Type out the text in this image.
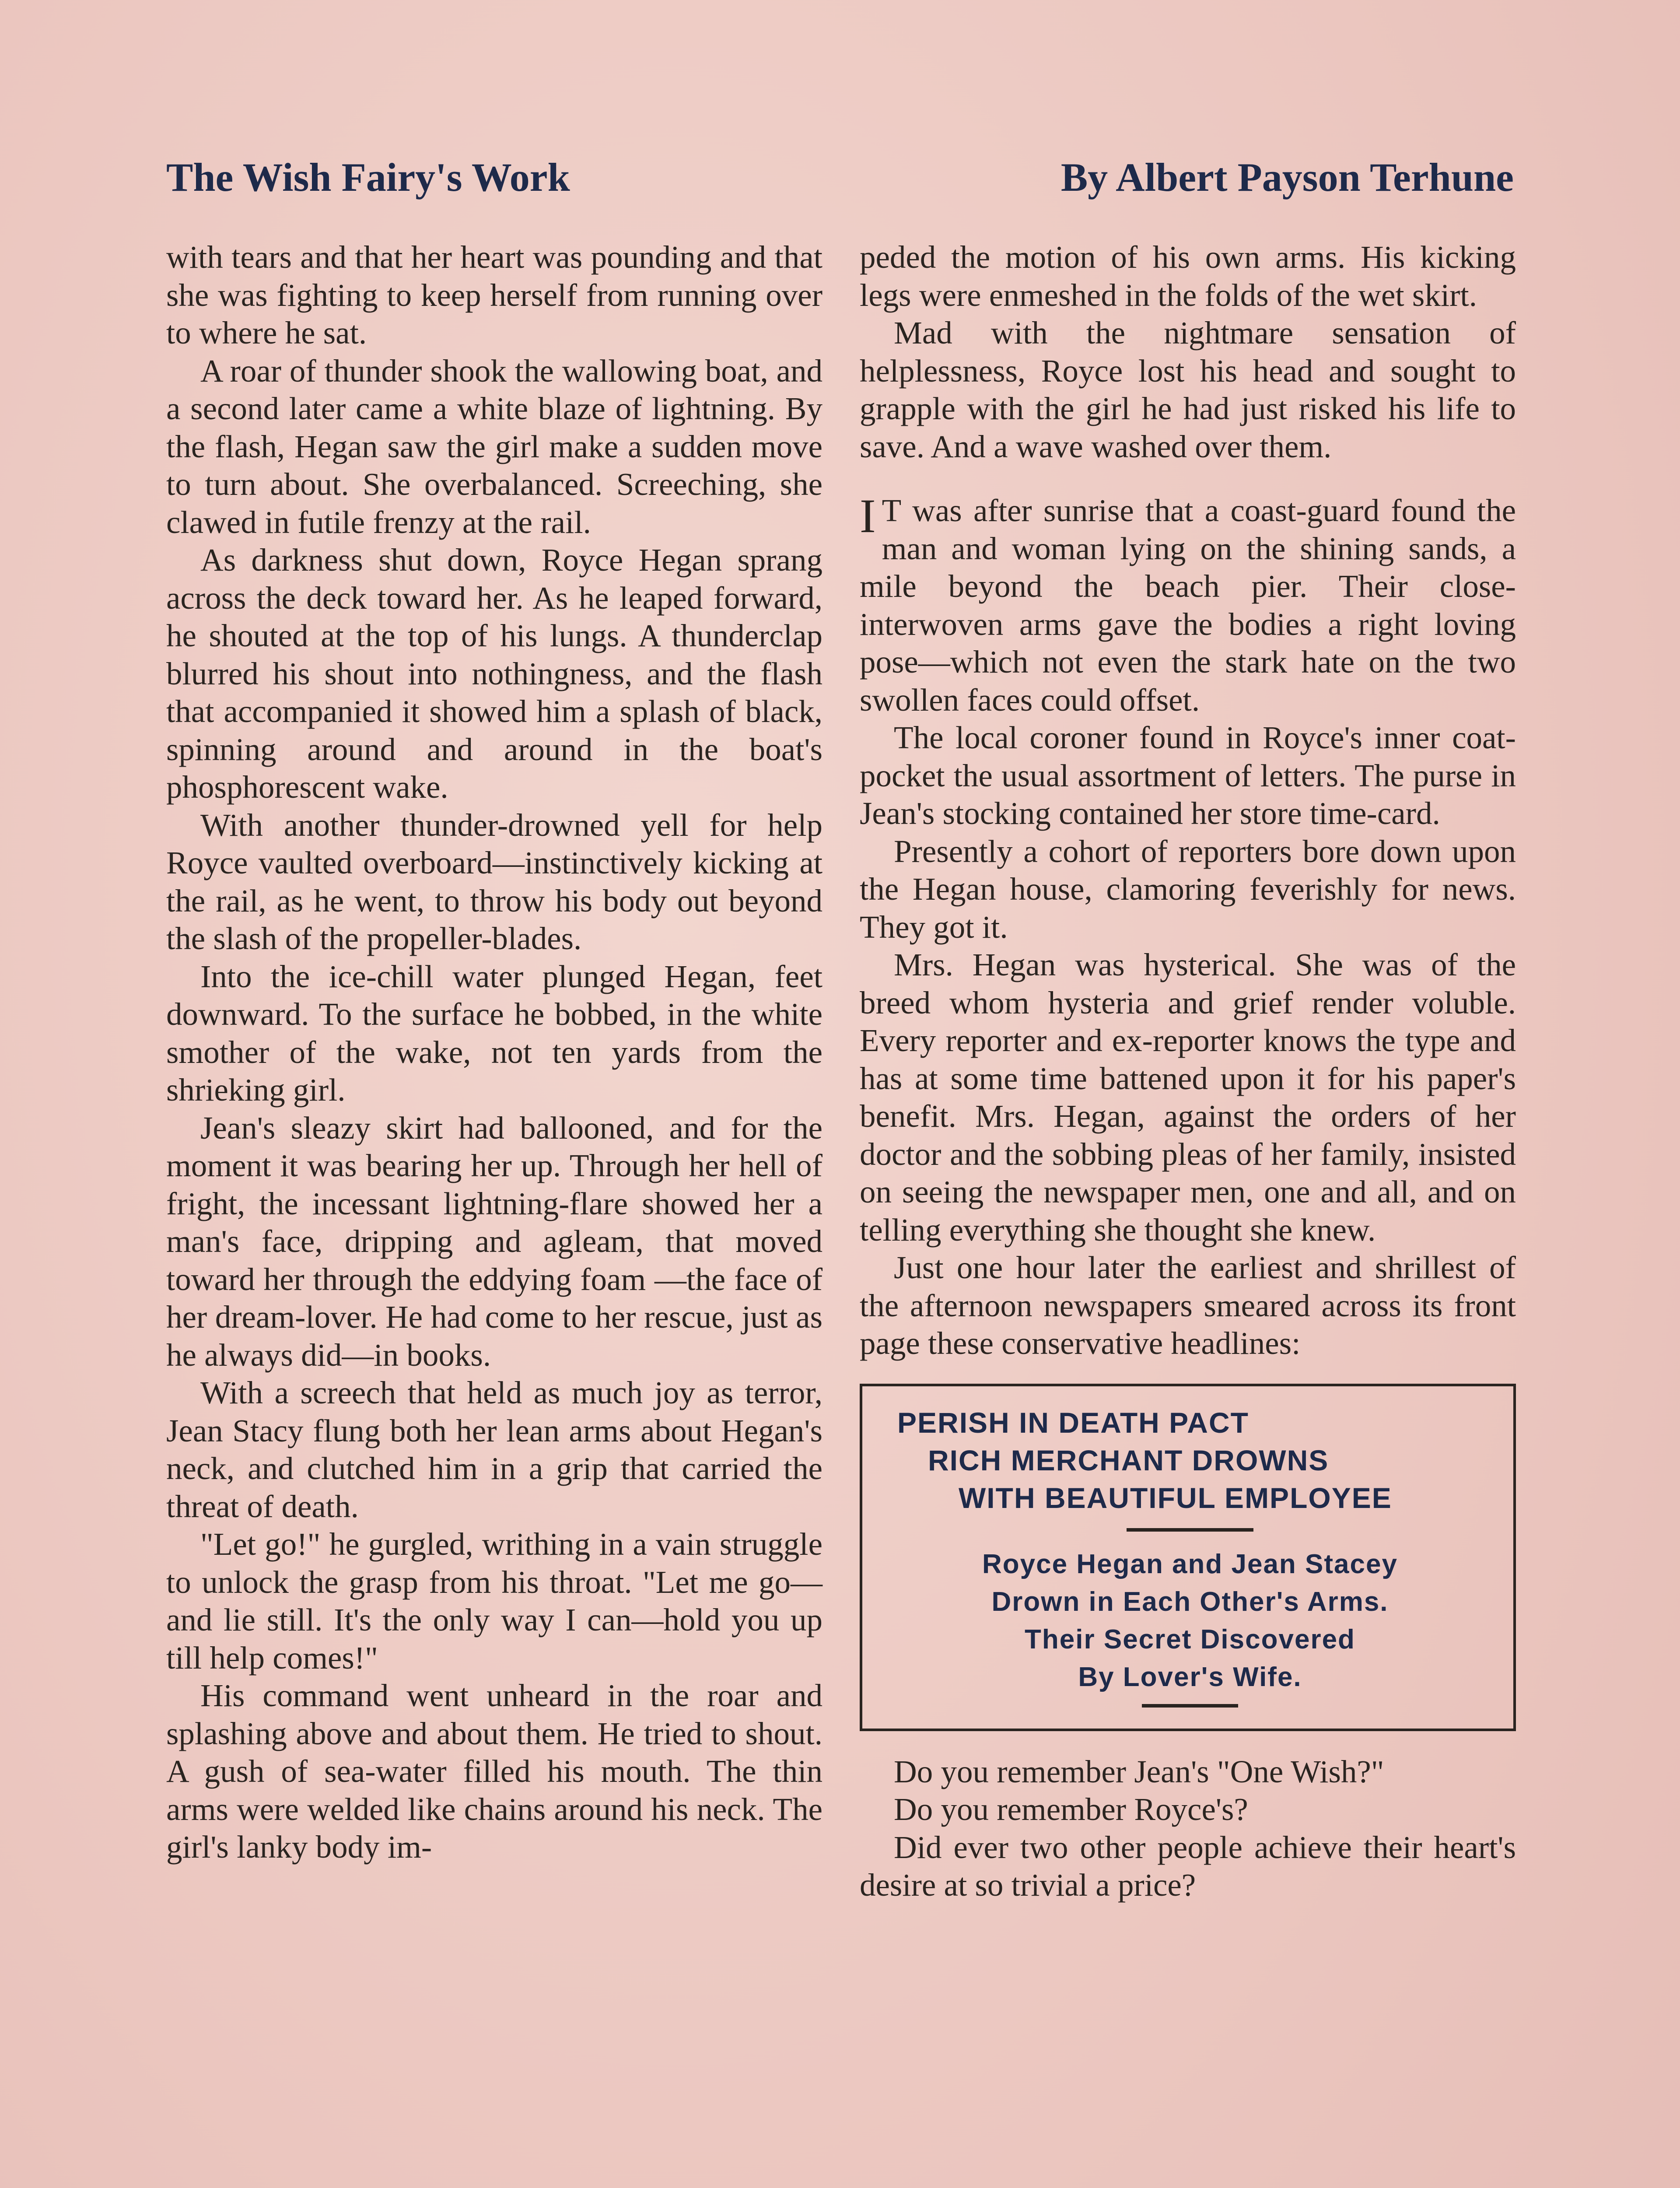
The Wish Fairy's Work	By Albert Payson Terhune

with tears and that her heart was pounding and that she was fighting to keep herself from running over to where he sat.

A roar of thunder shook the wallowing boat, and a second later came a white blaze of lightning. By the flash, Hegan saw the girl make a sudden move to turn about. She overbalanced. Screeching, she clawed in futile frenzy at the rail.

As darkness shut down, Royce Hegan sprang across the deck toward her. As he leaped forward, he shouted at the top of his lungs. A thunderclap blurred his shout into nothingness, and the flash that accompanied it showed him a splash of black, spinning around and around in the boat's phosphorescent wake.

With another thunder-drowned yell for help Royce vaulted overboard—instinctively kicking at the rail, as he went, to throw his body out beyond the slash of the propeller-blades.

Into the ice-chill water plunged Hegan, feet downward. To the surface he bobbed, in the white smother of the wake, not ten yards from the shrieking girl.

Jean's sleazy skirt had ballooned, and for the moment it was bearing her up. Through her hell of fright, the incessant lightning-flare showed her a man's face, dripping and agleam, that moved toward her through the eddying foam —the face of her dream-lover. He had come to her rescue, just as he always did—in books.

With a screech that held as much joy as terror, Jean Stacy flung both her lean arms about Hegan's neck, and clutched him in a grip that carried the threat of death.

"Let go!" he gurgled, writhing in a vain struggle to unlock the grasp from his throat. "Let me go—and lie still. It's the only way I can—hold you up till help comes!"

His command went unheard in the roar and splashing above and about them. He tried to shout. A gush of sea-water filled his mouth. The thin arms were welded like chains around his neck. The girl's lanky body im-

peded the motion of his own arms. His kicking legs were enmeshed in the folds of the wet skirt.

Mad with the nightmare sensation of helplessness, Royce lost his head and sought to grapple with the girl he had just risked his life to save. And a wave washed over them.

I T was after sunrise that a coast-guard found the man and woman lying on the shining sands, a mile beyond the beach pier. Their close-interwoven arms gave the bodies a right loving pose—which not even the stark hate on the two swollen faces could offset.

The local coroner found in Royce's inner coat-pocket the usual assortment of letters. The purse in Jean's stocking contained her store time-card.

Presently a cohort of reporters bore down upon the Hegan house, clamoring feverishly for news. They got it.

Mrs. Hegan was hysterical. She was of the breed whom hysteria and grief render voluble. Every reporter and ex-reporter knows the type and has at some time battened upon it for his paper's benefit. Mrs. Hegan, against the orders of her doctor and the sobbing pleas of her family, insisted on seeing the newspaper men, one and all, and on telling everything she thought she knew.

Just one hour later the earliest and shrillest of the afternoon newspapers smeared across its front page these conservative headlines:

PERISH IN DEATH PACT
RICH MERCHANT DROWNS
WITH BEAUTIFUL EMPLOYEE
Royce Hegan and Jean Stacey
Drown in Each Other's Arms.
Their Secret Discovered
By Lover's Wife.

Do you remember Jean's "One Wish?"

Do you remember Royce's?

Did ever two other people achieve their heart's desire at so trivial a price?
